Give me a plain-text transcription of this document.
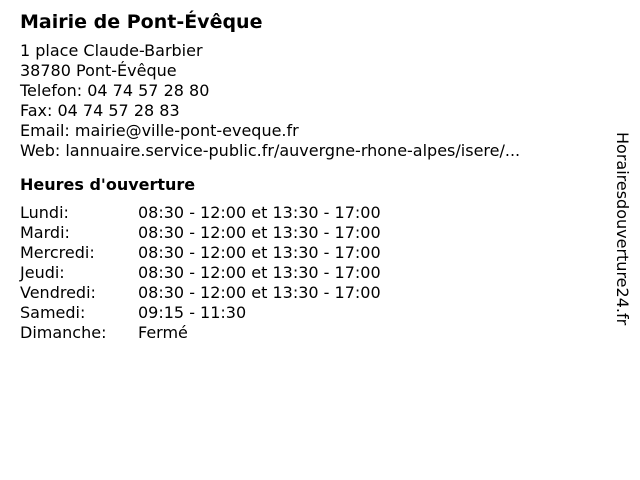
Mairie de Pont-Évêque
1 place Claude-Barbier
38780 Pont-Évêque
Telefon: 04 74 57 28 80
Fax: 04 74 57 28 83
Email: mairie@ville-pont-eveque.fr
Web: lannuaire.service-public.fr/auvergne-rhone-alpes/isere/...
Heures d'ouverture
Lundi:	08:30 - 12:00 et 13:30 - 17:00
Mardi:	08:30 - 12:00 et 13:30 - 17:00
Mercredi:	08:30 - 12:00 et 13:30 - 17:00
Jeudi:	08:30 - 12:00 et 13:30 - 17:00
Vendredi:	08:30 - 12:00 et 13:30 - 17:00
Samedi:	09:15 - 11:30
Dimanche:	Fermé
Horairesdouverture24.fr
